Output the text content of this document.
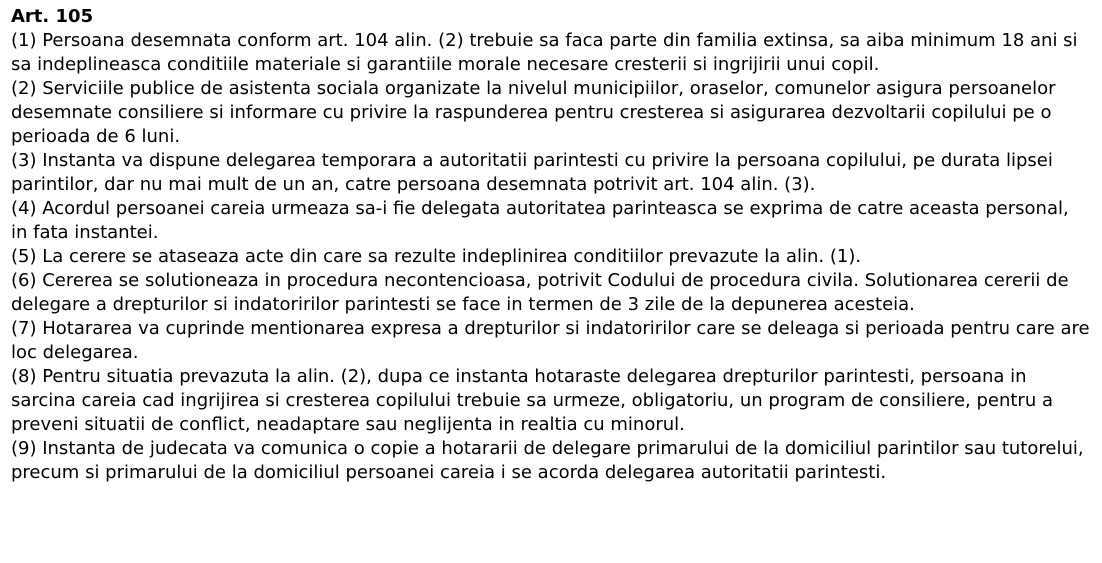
Art. 105

(1) Persoana desemnata conform art. 104 alin. (2) trebuie sa faca parte din familia extinsa, sa aiba minimum 18 ani si sa indeplineasca conditiile materiale si garantiile morale necesare cresterii si ingrijirii unui copil.

(2) Serviciile publice de asistenta sociala organizate la nivelul municipiilor, oraselor, comunelor asigura persoanelor desemnate consiliere si informare cu privire la raspunderea pentru cresterea si asigurarea dezvoltarii copilului pe o perioada de 6 luni.

(3) Instanta va dispune delegarea temporara a autoritatii parintesti cu privire la persoana copilului, pe durata lipsei parintilor, dar nu mai mult de un an, catre persoana desemnata potrivit art. 104 alin. (3).

(4) Acordul persoanei careia urmeaza sa-i fie delegata autoritatea parinteasca se exprima de catre aceasta personal, in fata instantei.

(5) La cerere se ataseaza acte din care sa rezulte indeplinirea conditiilor prevazute la alin. (1).

(6) Cererea se solutioneaza in procedura necontencioasa, potrivit Codului de procedura civila. Solutionarea cererii de delegare a drepturilor si indatoririlor parintesti se face in termen de 3 zile de la depunerea acesteia.

(7) Hotararea va cuprinde mentionarea expresa a drepturilor si indatoririlor care se deleaga si perioada pentru care are loc delegarea.

(8) Pentru situatia prevazuta la alin. (2), dupa ce instanta hotaraste delegarea drepturilor parintesti, persoana in sarcina careia cad ingrijirea si cresterea copilului trebuie sa urmeze, obligatoriu, un program de consiliere, pentru a preveni situatii de conflict, neadaptare sau neglijenta in realtia cu minorul.

(9) Instanta de judecata va comunica o copie a hotararii de delegare primarului de la domiciliul parintilor sau tutorelui, precum si primarului de la domiciliul persoanei careia i se acorda delegarea autoritatii parintesti.
